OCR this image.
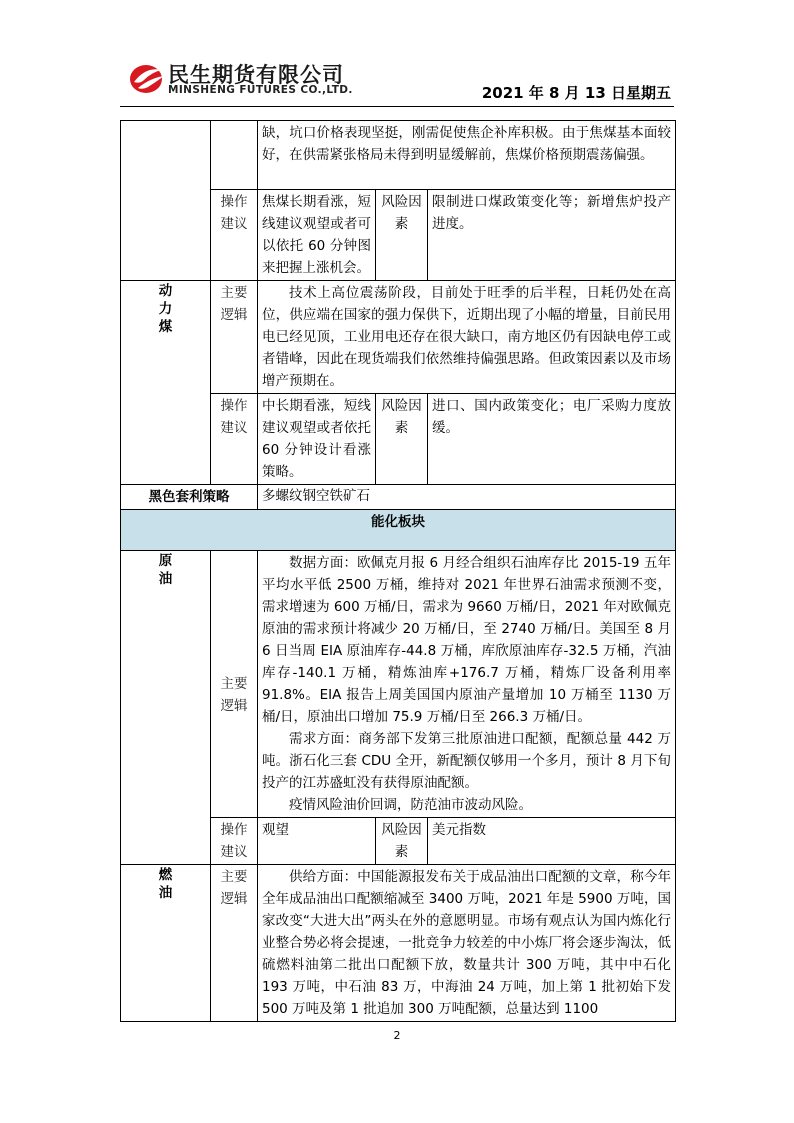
民生期货有限公司
MINSHENG FUTURES CO.,LTD.	2021 年 8 月 13 日星期五

		缺，坑口价格表现坚挺，刚需促使焦企补库积极。由于焦煤基本面较好，在供需紧张格局未得到明显缓解前，焦煤价格预期震荡偏强。		

	操作建议	焦煤长期看涨，短线建议观望或者可以依托 60 分钟图来把握上涨机会。	风险因素	限制进口煤政策变化等；新增焦炉投产进度。
动力煤	主要逻辑	技术上高位震荡阶段，目前处于旺季的后半程，日耗仍处在高位，供应端在国家的强力保供下，近期出现了小幅的增量，目前民用电已经见顶，工业用电还存在很大缺口，南方地区仍有因缺电停工或者错峰，因此在现货端我们依然维持偏强思路。但政策因素以及市场增产预期在。		

	操作建议	中长期看涨，短线建议观望或者依托 60 分钟设计看涨策略。	风险因素	进口、国内政策变化；电厂采购力度放缓。
黑色套利策略		多螺纹钢空铁矿石		
能化板块				
原油	主要逻辑	数据方面：欧佩克月报 6 月经合组织石油库存比 2015-19 五年平均水平低 2500 万桶，维持对 2021 年世界石油需求预测不变，需求增速为 600 万桶/日，需求为 9660 万桶/日，2021 年对欧佩克原油的需求预计将减少 20 万桶/日，至 2740 万桶/日。美国至 8 月 6 日当周 EIA 原油库存-44.8 万桶，库欣原油库存-32.5 万桶，汽油库存-140.1 万桶，精炼油库+176.7 万桶，精炼厂设备利用率 91.8%。EIA 报告上周美国国内原油产量增加 10 万桶至 1130 万桶/日，原油出口增加 75.9 万桶/日至 266.3 万桶/日。

需求方面：商务部下发第三批原油进口配额，配额总量 442 万吨。浙石化三套 CDU 全开，新配额仅够用一个多月，预计 8 月下旬投产的江苏盛虹没有获得原油配额。

疫情风险油价回调，防范油市波动风险。		

	操作建议	观望	风险因素	美元指数
燃油	主要逻辑	供给方面：中国能源报发布关于成品油出口配额的文章，称今年全年成品油出口配额缩减至 3400 万吨，2021 年是 5900 万吨，国家改变“大进大出”两头在外的意愿明显。市场有观点认为国内炼化行业整合势必将会提速，一批竞争力较差的中小炼厂将会逐步淘汰，低硫燃料油第二批出口配额下放，数量共计 300 万吨，其中中石化 193 万吨，中石油 83 万，中海油 24 万吨，加上第 1 批初始下发 500 万吨及第 1 批追加 300 万吨配额，总量达到 1100		

2
